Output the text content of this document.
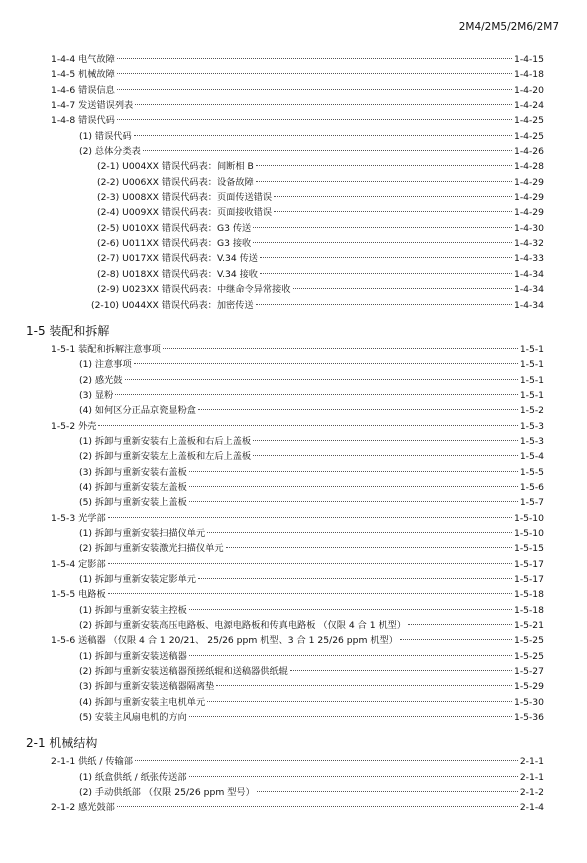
2M4/2M5/2M6/2M7
1-4-4 电气故障	1-4-15
1-4-5 机械故障	1-4-18
1-4-6 错误信息	1-4-20
1-4-7 发送错误列表	1-4-24
1-4-8 错误代码	1-4-25
(1) 错误代码	1-4-25
(2) 总体分类表	1-4-26
(2-1) U004XX 错误代码表：间断相 B	1-4-28
(2-2) U006XX 错误代码表：设备故障	1-4-29
(2-3) U008XX 错误代码表：页面传送错误	1-4-29
(2-4) U009XX 错误代码表：页面接收错误	1-4-29
(2-5) U010XX 错误代码表：G3 传送	1-4-30
(2-6) U011XX 错误代码表：G3 接收	1-4-32
(2-7) U017XX 错误代码表：V.34 传送	1-4-33
(2-8) U018XX 错误代码表：V.34 接收	1-4-34
(2-9) U023XX 错误代码表：中继命令异常接收	1-4-34
(2-10) U044XX 错误代码表：加密传送	1-4-34
1-5 装配和拆解
1-5-1 装配和拆解注意事项	1-5-1
(1) 注意事项	1-5-1
(2) 感光鼓	1-5-1
(3) 显粉	1-5-1
(4) 如何区分正品京瓷显粉盒	1-5-2
1-5-2 外壳	1-5-3
(1) 拆卸与重新安装右上盖板和右后上盖板	1-5-3
(2) 拆卸与重新安装左上盖板和左后上盖板	1-5-4
(3) 拆卸与重新安装右盖板	1-5-5
(4) 拆卸与重新安装左盖板	1-5-6
(5) 拆卸与重新安装上盖板	1-5-7
1-5-3 光学部	1-5-10
(1) 拆卸与重新安装扫描仪单元	1-5-10
(2) 拆卸与重新安装激光扫描仪单元	1-5-15
1-5-4 定影部	1-5-17
(1) 拆卸与重新安装定影单元	1-5-17
1-5-5 电路板	1-5-18
(1) 拆卸与重新安装主控板	1-5-18
(2) 拆卸与重新安装高压电路板、电源电路板和传真电路板 （仅限 4 合 1 机型）	1-5-21
1-5-6 送稿器 （仅限 4 合 1 20/21、 25/26 ppm 机型、3 合 1 25/26 ppm 机型）	1-5-25
(1) 拆卸与重新安装送稿器	1-5-25
(2) 拆卸与重新安装送稿器预搓纸辊和送稿器供纸辊	1-5-27
(3) 拆卸与重新安装送稿器隔离垫	1-5-29
(4) 拆卸与重新安装主电机单元	1-5-30
(5) 安装主风扇电机的方向	1-5-36
2-1 机械结构
2-1-1 供纸 / 传输部	2-1-1
(1) 纸盒供纸 / 纸张传送部	2-1-1
(2) 手动供纸部 （仅限 25/26 ppm 型号）	2-1-2
2-1-2 感光鼓部	2-1-4
